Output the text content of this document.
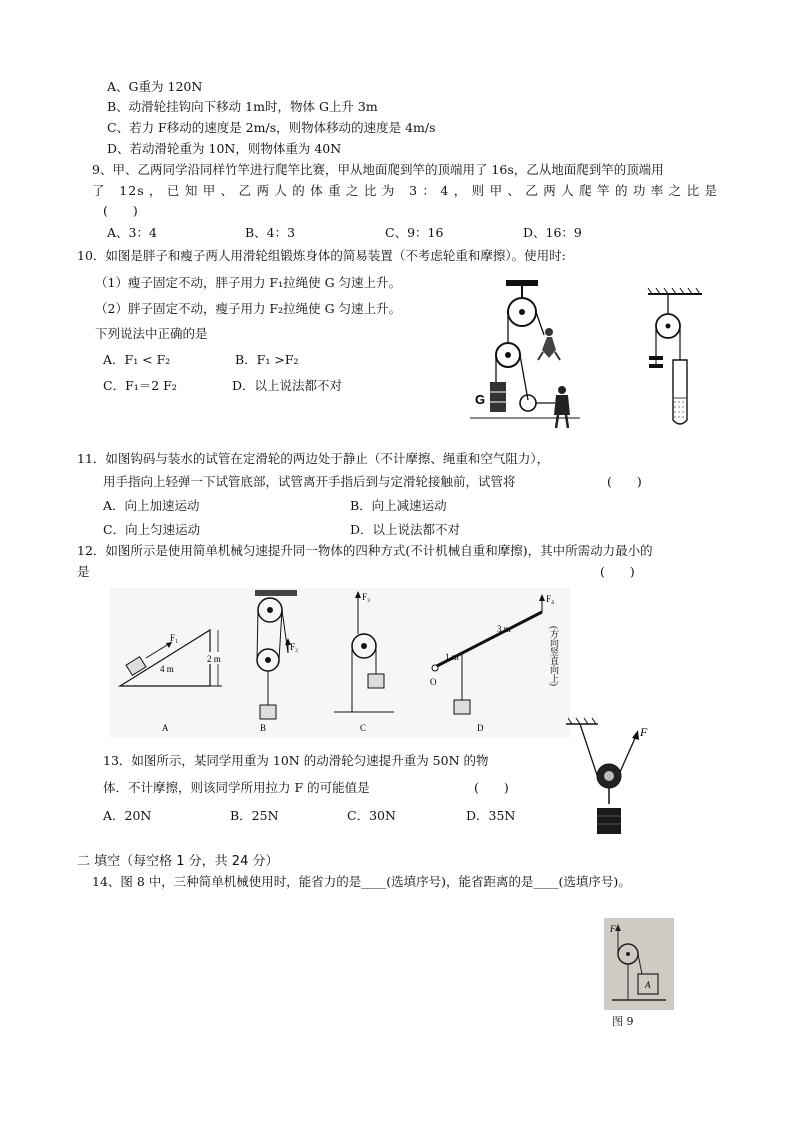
A、G重为 120N
B、动滑轮挂钩向下移动 1m时，物体 G上升 3m
C、若力 F移动的速度是 2m/s，则物体移动的速度是 4m/s
D、若动滑轮重为 10N，则物体重为 40N
9、甲、乙两同学沿同样竹竿进行爬竿比赛，甲从地面爬到竿的顶端用了 16s，乙从地面爬到竿的顶端用
了 12s，已知甲、乙两人的体重之比为 3：4，则甲、乙两人爬竿的功率之比是
(　　)
A、3：4	B、4：3	C、9：16	D、16：9
10．如图是胖子和瘦子两人用滑轮组锻炼身体的简易装置（不考虑轮重和摩擦）。使用时:
（1）瘦子固定不动，胖子用力 F₁拉绳使 G 匀速上升。
（2）胖子固定不动，瘦子用力 F₂拉绳使 G 匀速上升。
下列说法中正确的是
A．F₁ < F₂	B．F₁ >F₂
C．F₁＝2 F₂	D．以上说法都不对
G
11．如图钩码与装水的试管在定滑轮的两边处于静止（不计摩擦、绳重和空气阻力），
用手指向上轻弹一下试管底部，试管离开手指后到与定滑轮接触前，试管将	(　　)
A．向上加速运动	B．向上减速运动
C．向上匀速运动	D．以上说法都不对
12．如图所示是使用简单机械匀速提升同一物体的四种方式(不计机械自重和摩擦)，其中所需动力最小的
是	(　　)
F₁
4 m
2 m
A
F₂
B
F₃
C
O
F₄
3 m
1 m
D
(方向竖直向上)
13．如图所示，某同学用重为 10N 的动滑轮匀速提升重为 50N 的物
体．不计摩擦，则该同学所用拉力 F 的可能值是	(　　)
A．20N	B．25N	C．30N	D．35N
F
二 填空（每空格 1 分，共 24 分）
14、图 8 中，三种简单机械使用时，能省力的是____(选填序号)，能省距离的是____(选填序号)。
F
A
图 9
